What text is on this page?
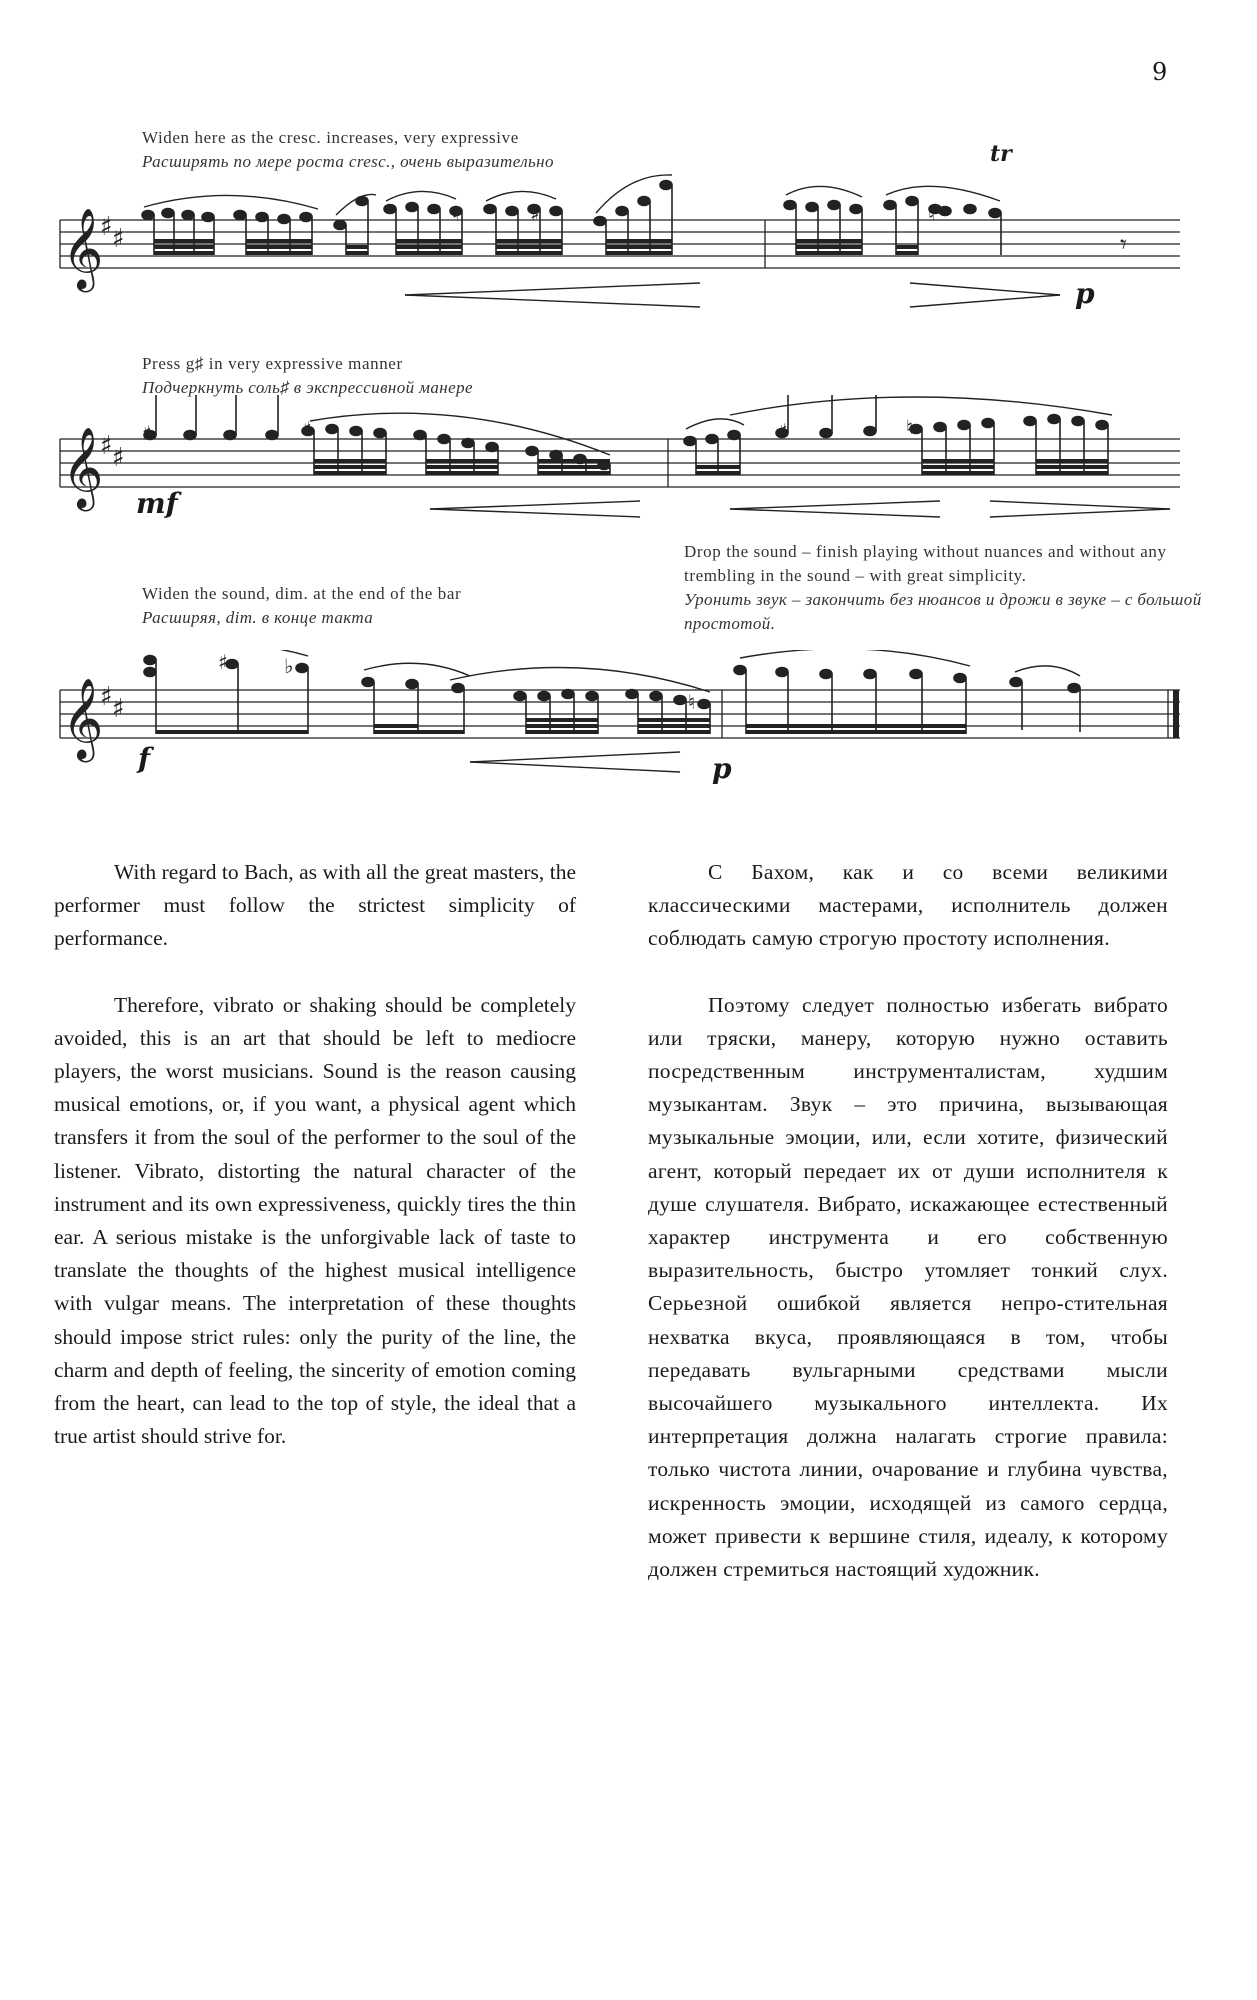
9
Widen here as the cresc. increases, very expressive
Расширять по мере роста cresc., очень выразительно
𝄞
♯ ♯	𝄾
♮	♯	♮
p
tr
Press g♯ in very expressive manner
Подчеркнуть соль♯ в экспрессивной манере
𝄞
♯ ♯
♯	♯	♯	♮
mf
Drop the sound – finish playing without nuances and without any trembling in the sound – with great simplicity.
Уронить звук – закончить без нюансов и дрожи в звуке – с большой простотой.
Widen the sound, dim. at the end of the bar
Расширяя, dim. в конце такта
𝄞
♯ ♯
♯	♭
♮
f	p

With regard to Bach, as with all the great masters, the performer must follow the strictest simplicity of performance.

Therefore, vibrato or shaking should be completely avoided, this is an art that should be left to mediocre players, the worst musicians. Sound is the reason causing musical emotions, or, if you want, a physical agent which transfers it from the soul of the performer to the soul of the listener. Vibrato, distorting the natural character of the instrument and its own expressiveness, quickly tires the thin ear. A serious mistake is the unforgivable lack of taste to translate the thoughts of the highest musical intelligence with vulgar means. The interpretation of these thoughts should impose strict rules: only the purity of the line, the charm and depth of feeling, the sincerity of emotion coming from the heart, can lead to the top of style, the ideal that a true artist should strive for.

С Бахом, как и со всеми великими классическими мастерами, исполнитель должен соблюдать самую строгую простоту исполнения.

Поэтому следует полностью избегать вибрато или тряски, манеру, которую нужно оставить посредственным инструменталистам, худшим музыкантам. Звук – это причина, вызывающая музыкальные эмоции, или, если хотите, физический агент, который передает их от души исполнителя к душе слушателя. Вибрато, искажающее естественный характер инструмента и его собственную выразительность, быстро утомляет тонкий слух. Серьезной ошибкой является непро-стительная нехватка вкуса, проявляющаяся в том, чтобы передавать вульгарными средствами мысли высочайшего музыкального интеллекта. Их интерпретация должна налагать строгие правила: только чистота линии, очарование и глубина чувства, искренность эмоции, исходящей из самого сердца, может привести к вершине стиля, идеалу, к которому должен стремиться настоящий художник.
